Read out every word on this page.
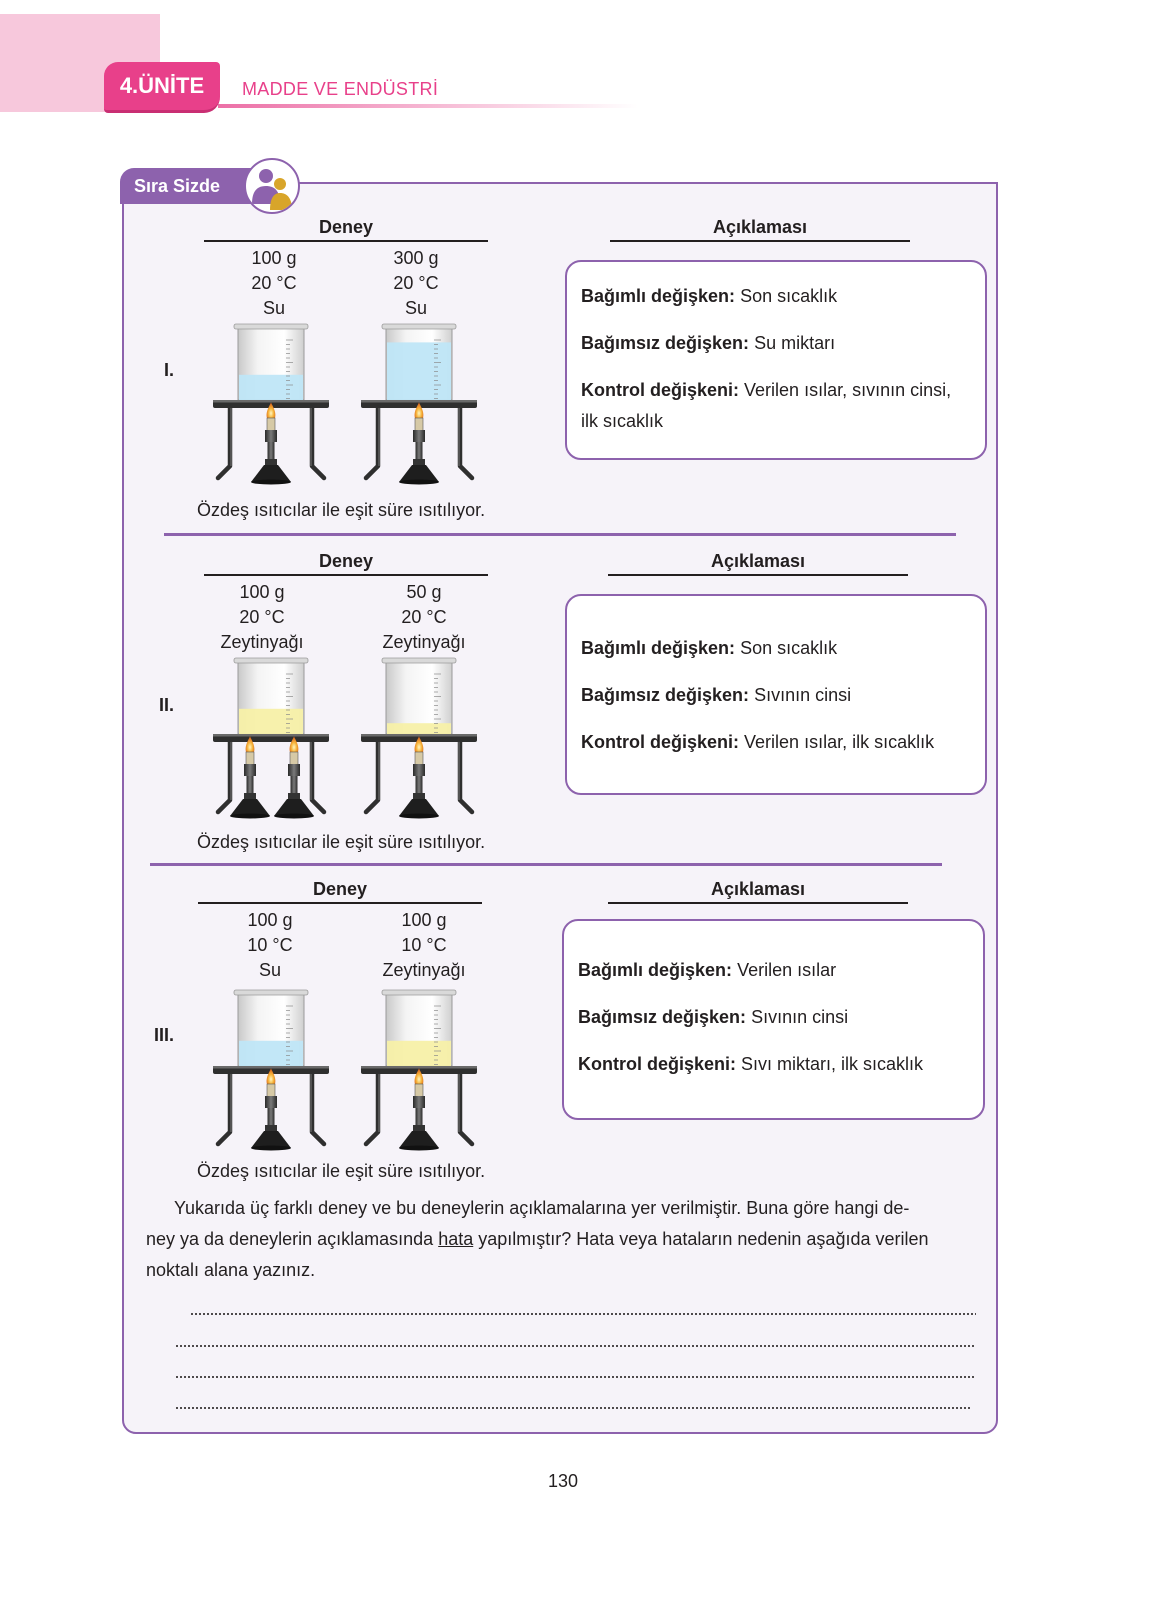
4.ÜNİTE	MADDE VE ENDÜSTRİ
Sıra Sizde
Deney	Açıklaması
100 g
20 °C
Su
300 g
20 °C
Su
I.
Özdeş ısıtıcılar ile eşit süre ısıtılıyor.

Bağımlı değişken: Son sıcaklık

Bağımsız değişken: Su miktarı

Kontrol değişkeni: Verilen ısılar, sıvının cinsi,

ilk sıcaklık

Deney	Açıklaması
100 g
20 °C
Zeytinyağı
50 g
20 °C
Zeytinyağı
II.
Özdeş ısıtıcılar ile eşit süre ısıtılıyor.

Bağımlı değişken: Son sıcaklık

Bağımsız değişken: Sıvının cinsi

Kontrol değişkeni: Verilen ısılar, ilk sıcaklık

Deney	Açıklaması
100 g
10 °C
Su
100 g
10 °C
Zeytinyağı
III.
Özdeş ısıtıcılar ile eşit süre ısıtılıyor.

Bağımlı değişken: Verilen ısılar

Bağımsız değişken: Sıvının cinsi

Kontrol değişkeni: Sıvı miktarı, ilk sıcaklık

Yukarıda üç farklı deney ve bu deneylerin açıklamalarına yer verilmiştir. Buna göre hangi de-
ney ya da deneylerin açıklamasında hata yapılmıştır? Hata veya hataların nedenin aşağıda verilen
noktalı alana yazınız.
130
